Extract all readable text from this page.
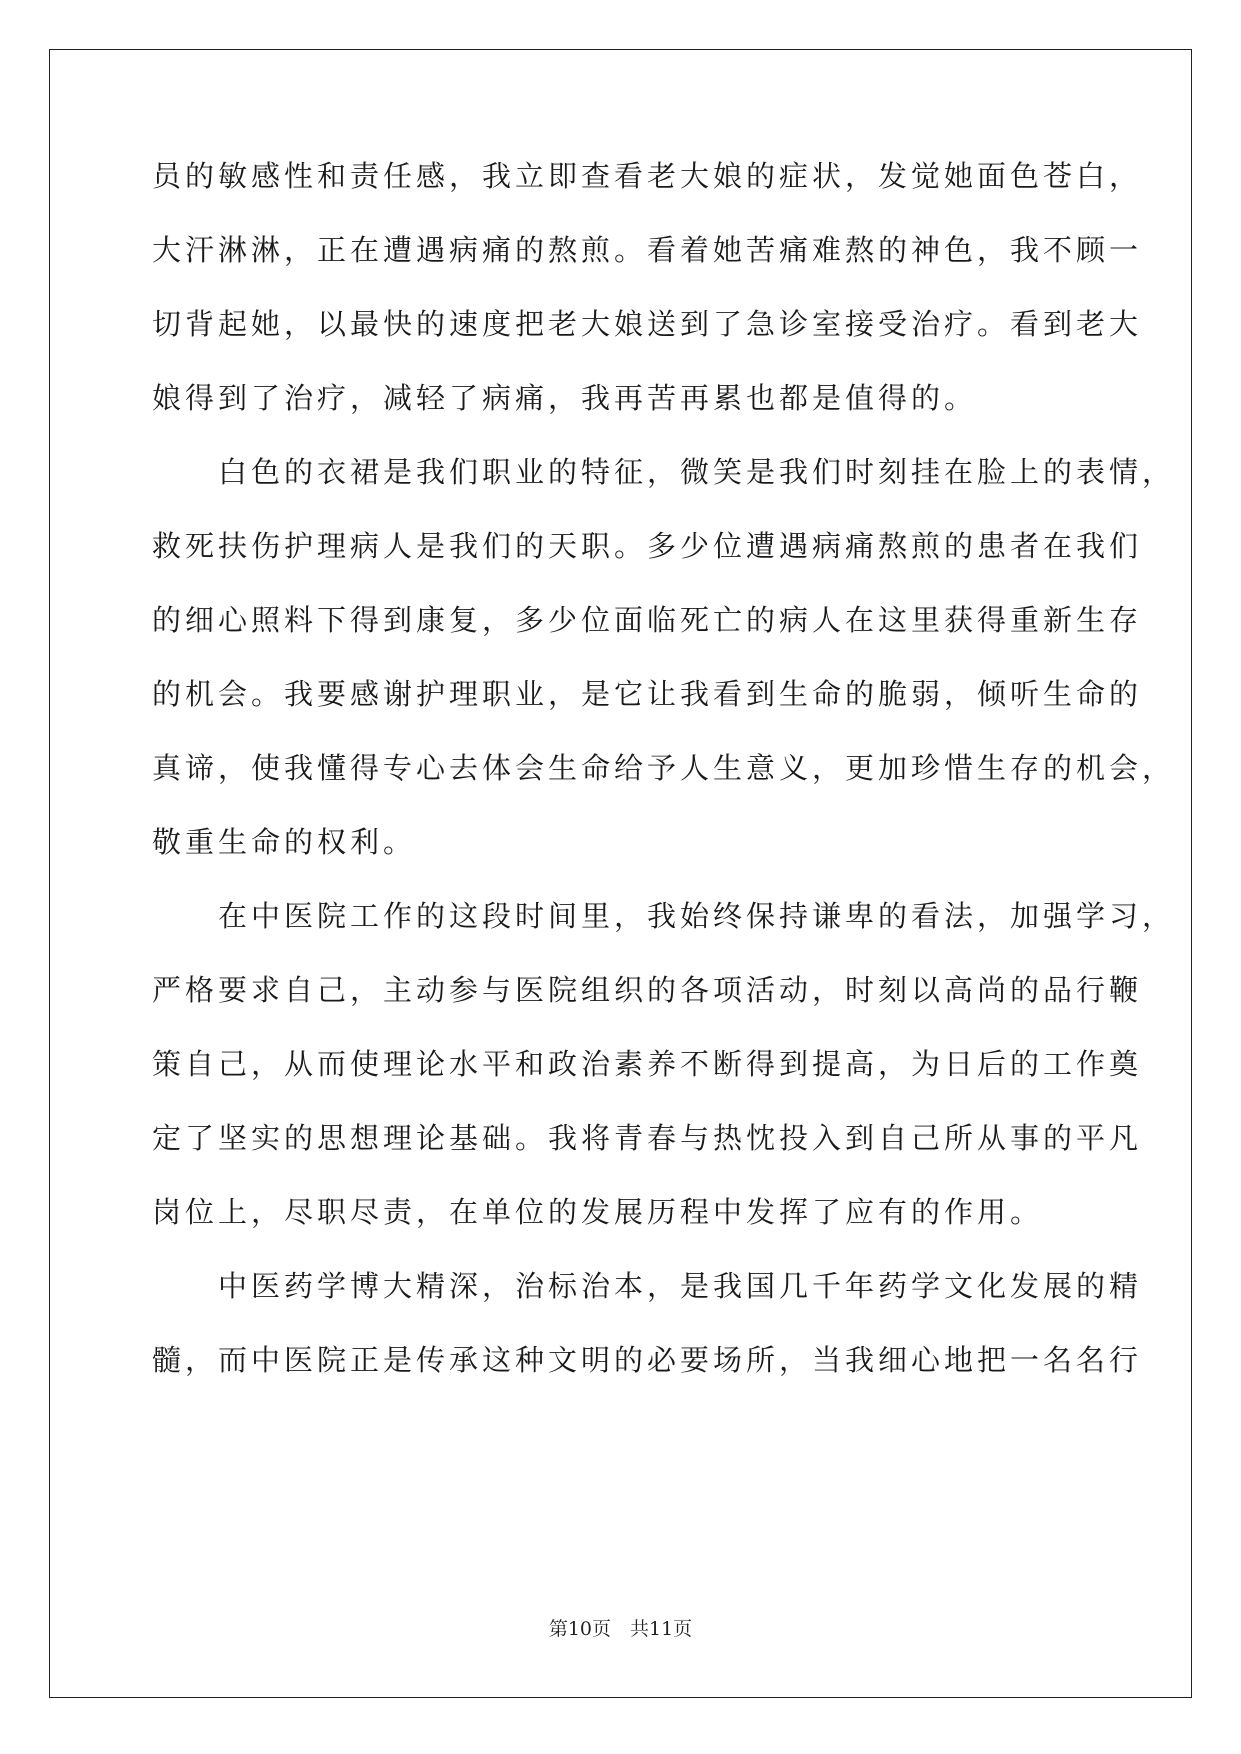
员的敏感性和责任感，我立即查看老大娘的症状，发觉她面色苍白，
大汗淋淋，正在遭遇病痛的熬煎。看着她苦痛难熬的神色，我不顾一
切背起她，以最快的速度把老大娘送到了急诊室接受治疗。看到老大
娘得到了治疗，减轻了病痛，我再苦再累也都是值得的。
白色的衣裙是我们职业的特征，微笑是我们时刻挂在脸上的表情，
救死扶伤护理病人是我们的天职。多少位遭遇病痛熬煎的患者在我们
的细心照料下得到康复，多少位面临死亡的病人在这里获得重新生存
的机会。我要感谢护理职业，是它让我看到生命的脆弱，倾听生命的
真谛，使我懂得专心去体会生命给予人生意义，更加珍惜生存的机会，
敬重生命的权利。
在中医院工作的这段时间里，我始终保持谦卑的看法，加强学习，
严格要求自己，主动参与医院组织的各项活动，时刻以高尚的品行鞭
策自己，从而使理论水平和政治素养不断得到提高，为日后的工作奠
定了坚实的思想理论基础。我将青春与热忱投入到自己所从事的平凡
岗位上，尽职尽责，在单位的发展历程中发挥了应有的作用。
中医药学博大精深，治标治本，是我国几千年药学文化发展的精
髓，而中医院正是传承这种文明的必要场所，当我细心地把一名名行
第10页　共11页
